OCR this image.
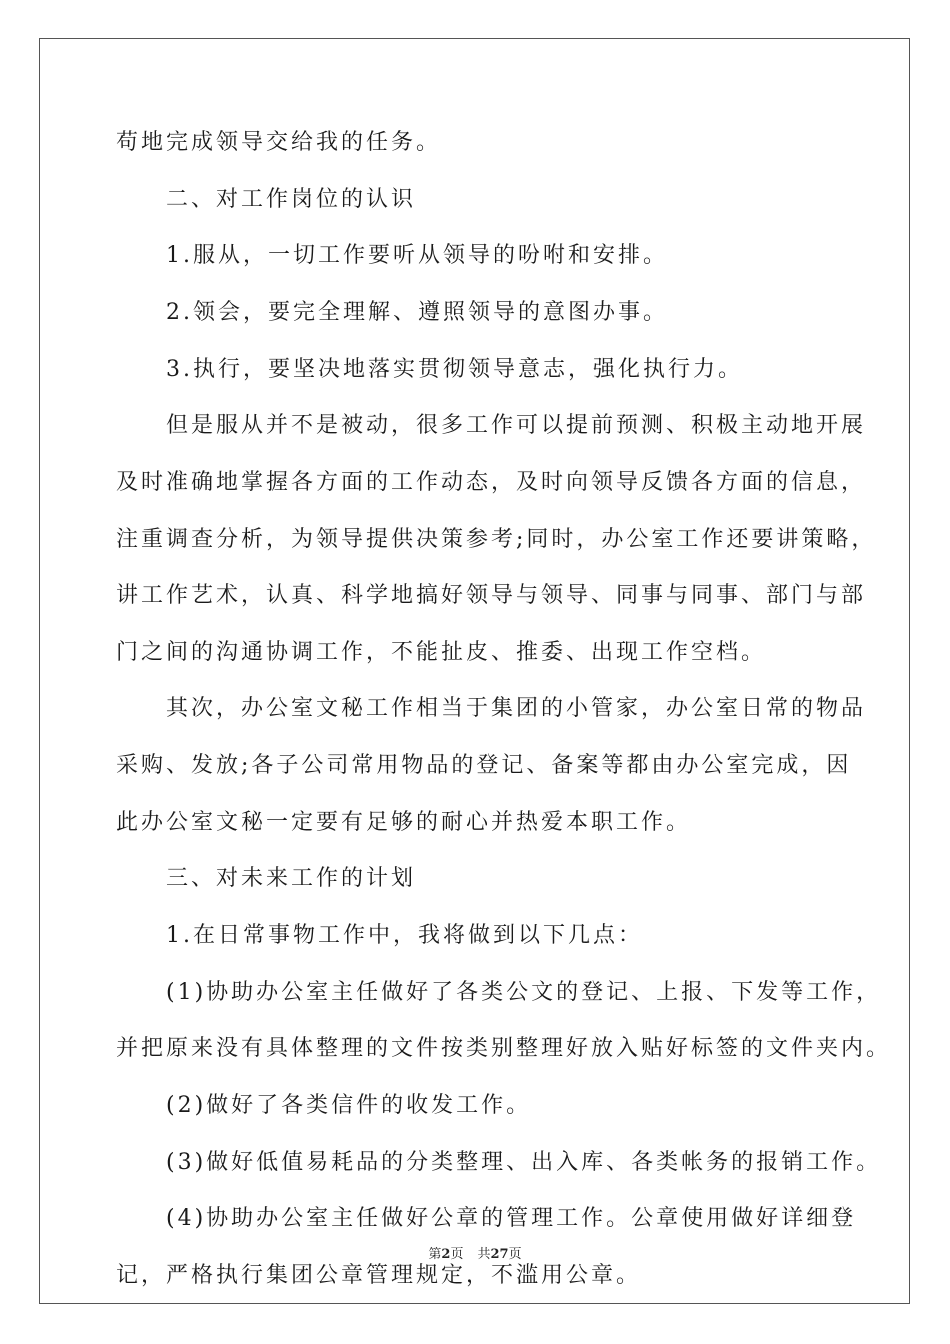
苟地完成领导交给我的任务。
二、对工作岗位的认识
1.服从，一切工作要听从领导的吩咐和安排。
2.领会，要完全理解、遵照领导的意图办事。
3.执行，要坚决地落实贯彻领导意志，强化执行力。
但是服从并不是被动，很多工作可以提前预测、积极主动地开展
及时准确地掌握各方面的工作动态，及时向领导反馈各方面的信息，
注重调查分析，为领导提供决策参考;同时，办公室工作还要讲策略，
讲工作艺术，认真、科学地搞好领导与领导、同事与同事、部门与部
门之间的沟通协调工作，不能扯皮、推委、出现工作空档。
其次，办公室文秘工作相当于集团的小管家，办公室日常的物品
采购、发放;各子公司常用物品的登记、备案等都由办公室完成，因
此办公室文秘一定要有足够的耐心并热爱本职工作。
三、对未来工作的计划
1.在日常事物工作中，我将做到以下几点：
(1)协助办公室主任做好了各类公文的登记、上报、下发等工作，
并把原来没有具体整理的文件按类别整理好放入贴好标签的文件夹内。
(2)做好了各类信件的收发工作。
(3)做好低值易耗品的分类整理、出入库、各类帐务的报销工作。
(4)协助办公室主任做好公章的管理工作。公章使用做好详细登
记，严格执行集团公章管理规定，不滥用公章。
第2页 共27页
